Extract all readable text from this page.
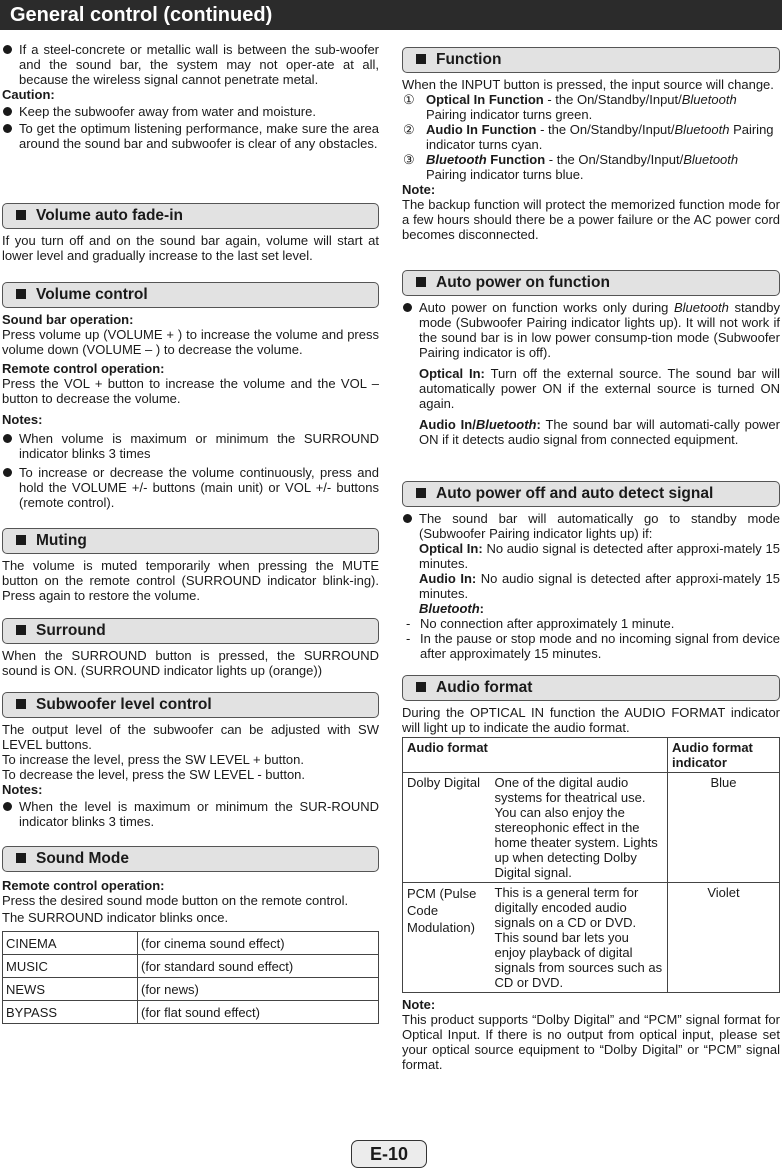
General control (continued)
If a steel-concrete or metallic wall is between the sub-woofer and the sound bar, the system may not oper-ate at all, because the wireless signal cannot penetrate metal.
Caution:
Keep the subwoofer away from water and moisture.
To get the optimum listening performance, make sure the area around the sound bar and subwoofer is clear of any obstacles.
Volume auto fade-in

If you turn off and on the sound bar again, volume will start at lower level and gradually increase to the last set level.

Volume control
Sound bar operation:

Press volume up (VOLUME + ) to increase the volume and press volume down (VOLUME – ) to decrease the volume.

Remote control operation:

Press the VOL + button to increase the volume and the VOL – button to decrease the volume.

Notes:
When volume is maximum or minimum the SURROUND indicator blinks 3 times
To increase or decrease the volume continuously, press and hold the VOLUME +/- buttons (main unit) or VOL +/- buttons (remote control).
Muting

The volume is muted temporarily when pressing the MUTE button on the remote control (SURROUND indicator blink-ing). Press again to restore the volume.

Surround

When the SURROUND button is pressed, the SURROUND sound is ON. (SURROUND indicator lights up (orange))

Subwoofer level control

The output level of the subwoofer can be adjusted with SW LEVEL buttons.

To increase the level, press the SW LEVEL + button.
To decrease the level, press the SW LEVEL - button.
Notes:
When the level is maximum or minimum the SUR-ROUND indicator blinks 3 times.
Sound Mode
Remote control operation:

Press the desired sound mode button on the remote control.

The SURROUND indicator blinks once.
CINEMA	(for cinema sound effect)
MUSIC	(for standard sound effect)
NEWS	(for news)
BYPASS	(for flat sound effect)
Function

When the INPUT button is pressed, the input source will change.

① Optical In Function - the On/Standby/Input/Bluetooth Pairing indicator turns green.
② Audio In Function - the On/Standby/Input/Bluetooth Pairing indicator turns cyan.
③ Bluetooth Function - the On/Standby/Input/Bluetooth Pairing indicator turns blue.
Note:

The backup function will protect the memorized function mode for a few hours should there be a power failure or the AC power cord becomes disconnected.

Auto power on function
Auto power on function works only during Bluetooth standby mode (Subwoofer Pairing indicator lights up). It will not work if the sound bar is in low power consump-tion mode (Subwoofer Pairing indicator is off).
Optical In: Turn off the external source. The sound bar will automatically power ON if the external source is turned ON again.
Audio In/Bluetooth: The sound bar will automati-cally power ON if it detects audio signal from connected equipment.
Auto power off and auto detect signal
The sound bar will automatically go to standby mode (Subwoofer Pairing indicator lights up) if:
Optical In: No audio signal is detected after approxi-mately 15 minutes.
Audio In: No audio signal is detected after approxi-mately 15 minutes.
Bluetooth:
- No connection after approximately 1 minute.
- In the pause or stop mode and no incoming signal from device after approximately 15 minutes.
Audio format

During the OPTICAL IN function the AUDIO FORMAT indicator will light up to indicate the audio format.

Audio format		Audio format indicator
Dolby Digital	One of the digital audio systems for theatrical use. You can also enjoy the stereophonic effect in the home theater system. Lights up when detecting Dolby Digital signal.	Blue
PCM (Pulse Code Modulation)	This is a general term for digitally encoded audio signals on a CD or DVD. This sound bar lets you enjoy playback of digital signals from sources such as CD or DVD.	Violet
Note:

This product supports “Dolby Digital” and “PCM” signal format for Optical Input. If there is no output from optical input, please set your optical source equipment to “Dolby Digital” or “PCM” signal format.

E-10
